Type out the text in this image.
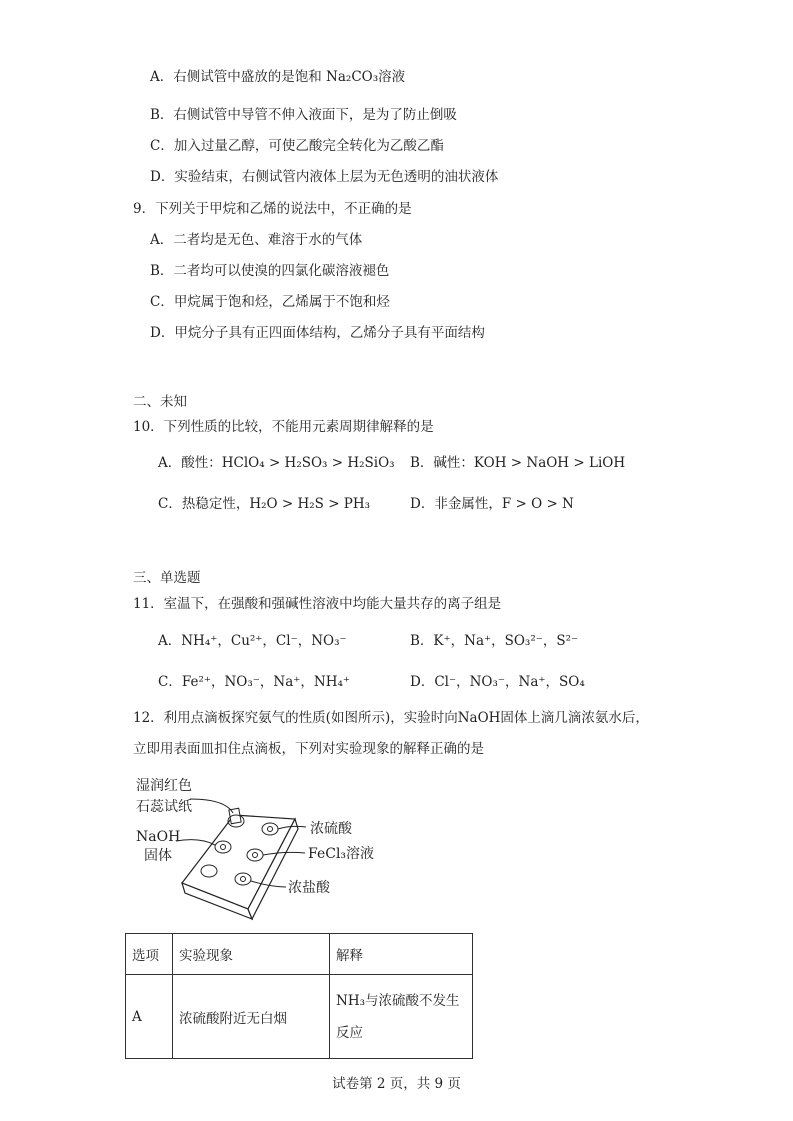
A．右侧试管中盛放的是饱和 Na₂CO₃溶液
B．右侧试管中导管不伸入液面下，是为了防止倒吸
C．加入过量乙醇，可使乙酸完全转化为乙酸乙酯
D．实验结束，右侧试管内液体上层为无色透明的油状液体
9．下列关于甲烷和乙烯的说法中，不正确的是
A．二者均是无色、难溶于水的气体
B．二者均可以使溴的四氯化碳溶液褪色
C．甲烷属于饱和烃，乙烯属于不饱和烃
D．甲烷分子具有正四面体结构，乙烯分子具有平面结构
二、未知
10．下列性质的比较，不能用元素周期律解释的是
A．酸性：HClO₄ > H₂SO₃ > H₂SiO₃ B．碱性：KOH > NaOH > LiOH
C．热稳定性，H₂O > H₂S > PH₃	D．非金属性，F > O > N
三、单选题
11．室温下，在强酸和强碱性溶液中均能大量共存的离子组是
A．NH₄⁺，Cu²⁺，Cl⁻，NO₃⁻	B．K⁺，Na⁺，SO₃²⁻，S²⁻
C．Fe²⁺，NO₃⁻，Na⁺，NH₄⁺	D．Cl⁻，NO₃⁻，Na⁺，SO₄
12．利用点滴板探究氨气的性质(如图所示)，实验时向NaOH固体上滴几滴浓氨水后，
立即用表面皿扣住点滴板，下列对实验现象的解释正确的是
湿润红色
石蕊试纸
NaOH
固体
浓硫酸
FeCl₃溶液
浓盐酸
选项	实验现象	解释
A	浓硫酸附近无白烟	NH₃与浓硫酸不发生
反应
试卷第 2 页，共 9 页
